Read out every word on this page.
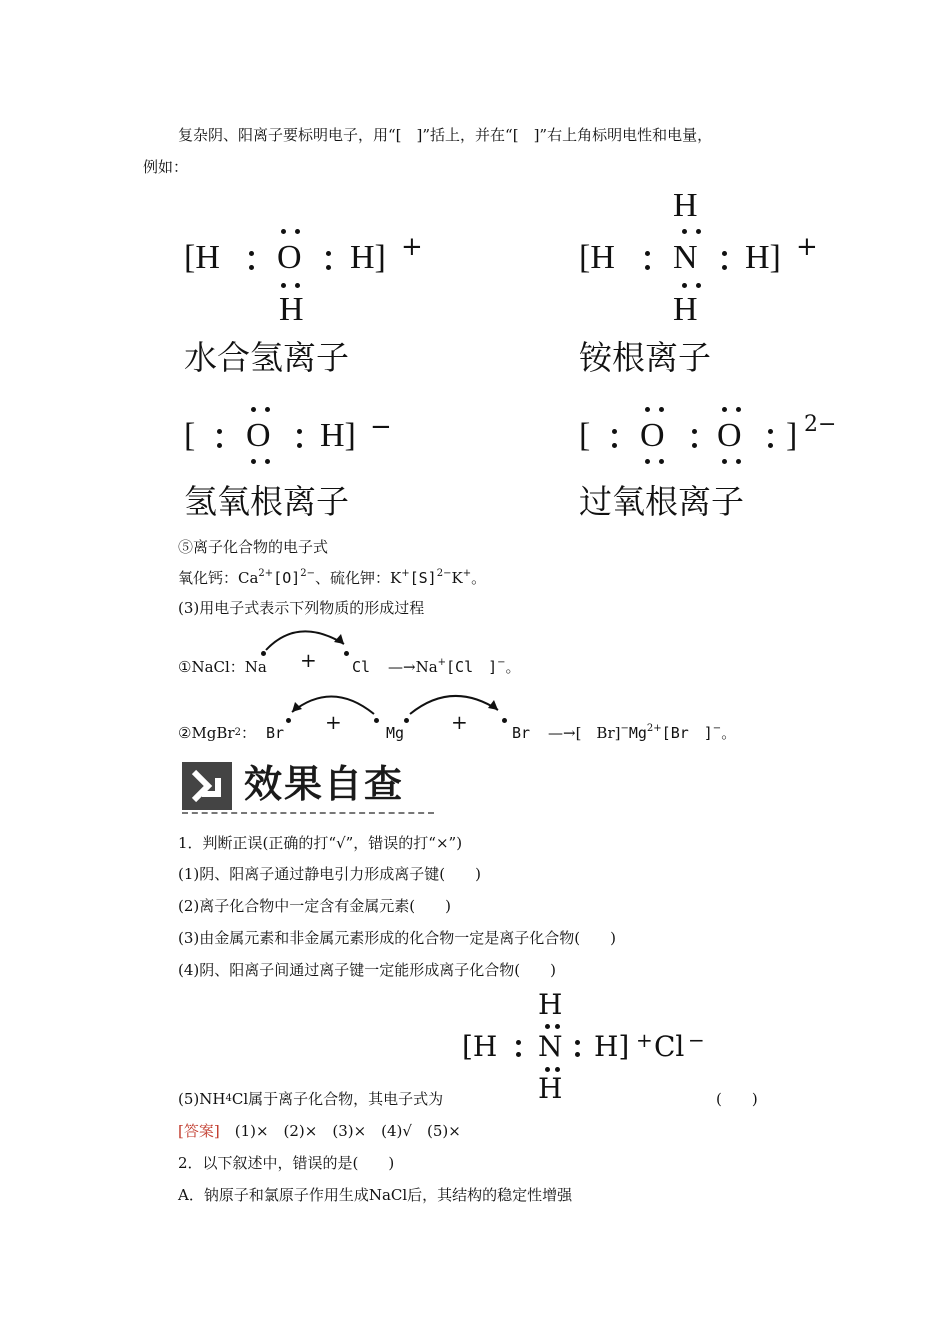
复杂阴、阳离子要标明电子，用“[　]”括上，并在“[　]”右上角标明电性和电量，
例如：
[H O H] +
H
水合氢离子
H
[H N H] +
H
铵根离子
[ O H] −
氢氧根离子
[ O O ] 2−
过氧根离子
⑤离子化合物的电子式
氧化钙：$Ca^{2+}[O]^{2-}$、硫化钾：$K^+[S]^{2-}K^+$。
(3)用电子式表示下列物质的形成过程
①NaCl：Na + Cl —→Na+[Cl　]−。
②MgBr2： Br +	Mg +	Br —→[　$Br]^-Mg^{2+}[Br$　]−。
效果自查
1．判断正误(正确的打“√”，错误的打“×”)
(1)阴、阳离子通过静电引力形成离子键(　　)
(2)离子化合物中一定含有金属元素(　　)
(3)由金属元素和非金属元素形成的化合物一定是离子化合物(　　)
(4)阴、阳离子间通过离子键一定能形成离子化合物(　　)
H
[H N H] + Cl −
H
(5)NH4Cl属于离子化合物，其电子式为	(　　)
[答案]　(1)×　(2)×　(3)×　(4)√　(5)×
2．以下叙述中，错误的是(　　)
A．钠原子和氯原子作用生成NaCl后，其结构的稳定性增强
